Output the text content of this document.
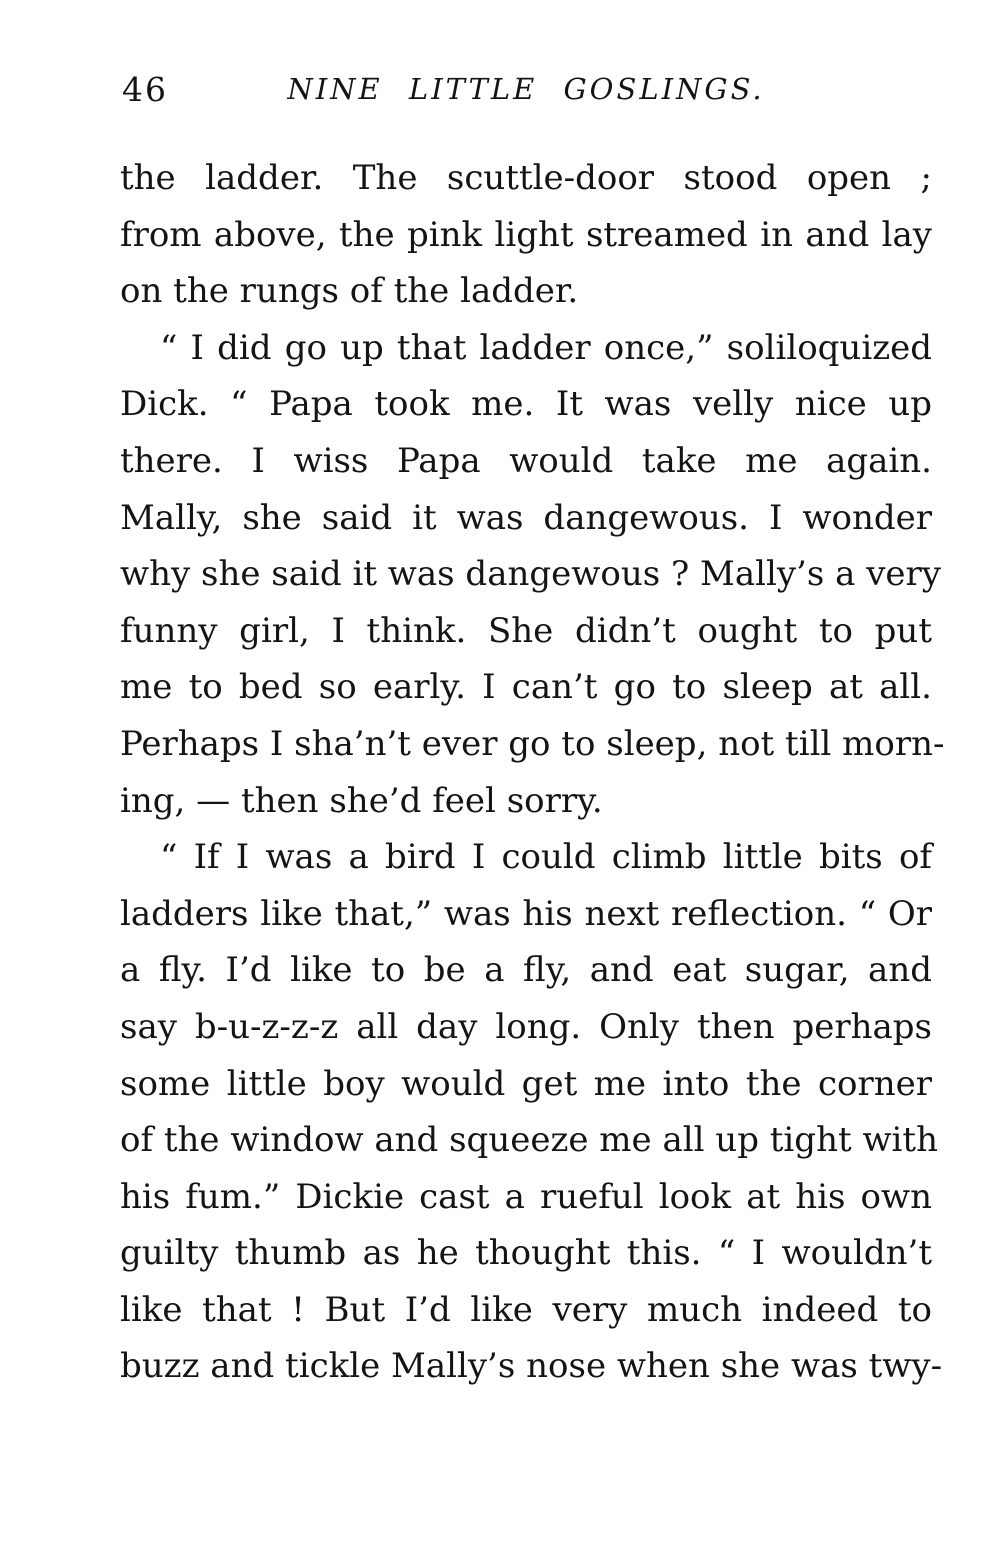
46	NINE LITTLE GOSLINGS.
the ladder. The scuttle-door stood open ;
from above, the pink light streamed in and lay
on the rungs of the ladder.
“ I did go up that ladder once,” soliloquized
Dick. “ Papa took me. It was velly nice up
there. I wiss Papa would take me again.
Mally, she said it was dangewous. I wonder
why she said it was dangewous ? Mally’s a very
funny girl, I think. She didn’t ought to put
me to bed so early. I can’t go to sleep at all.
Perhaps I sha’n’t ever go to sleep, not till morn-
ing, — then she’d feel sorry.
“ If I was a bird I could climb little bits of
ladders like that,” was his next reflection. “ Or
a fly. I’d like to be a fly, and eat sugar, and
say b-u-z-z-z all day long. Only then perhaps
some little boy would get me into the corner
of the window and squeeze me all up tight with
his fum.” Dickie cast a rueful look at his own
guilty thumb as he thought this. “ I wouldn’t
like that ! But I’d like very much indeed to
buzz and tickle Mally’s nose when she was twy-
